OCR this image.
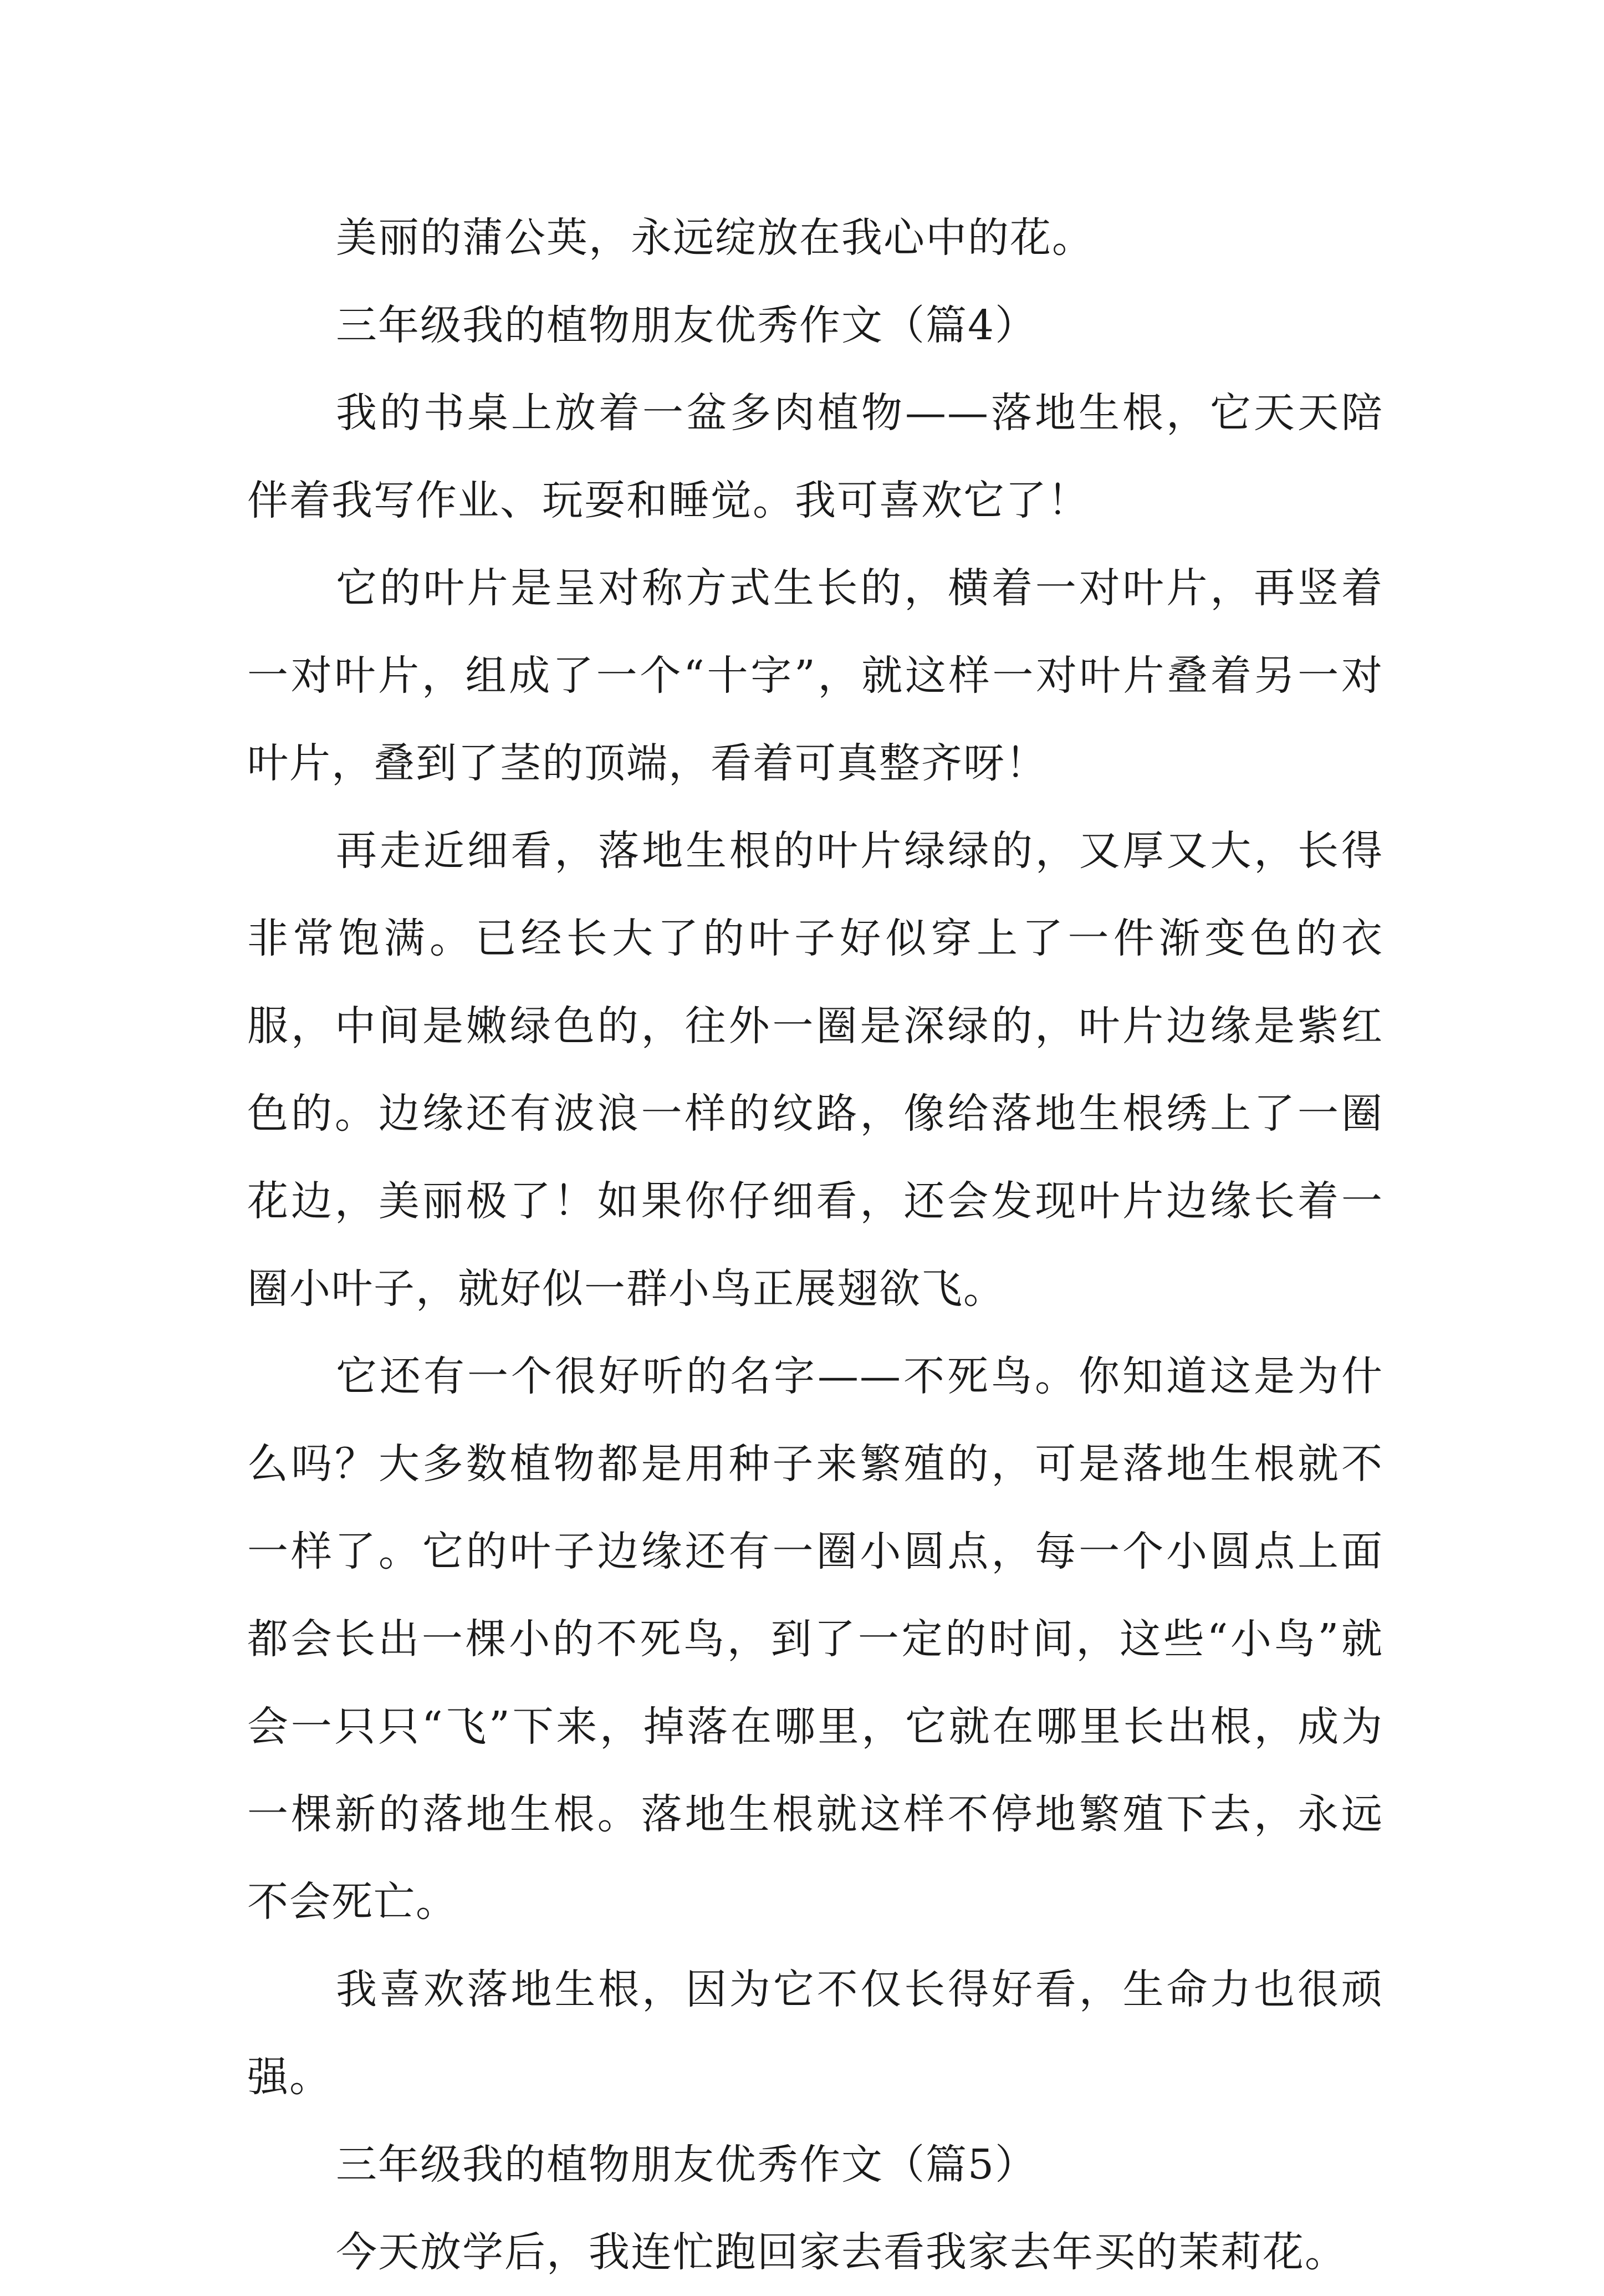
美丽的蒲公英，永远绽放在我心中的花。

三年级我的植物朋友优秀作文（篇4）

我的书桌上放着一盆多肉植物——落地生根，它天天陪伴着我写作业、玩耍和睡觉。我可喜欢它了！

它的叶片是呈对称方式生长的，横着一对叶片，再竖着一对叶片，组成了一个“十字”，就这样一对叶片叠着另一对叶片，叠到了茎的顶端，看着可真整齐呀！

再走近细看，落地生根的叶片绿绿的，又厚又大，长得非常饱满。已经长大了的叶子好似穿上了一件渐变色的衣服，中间是嫩绿色的，往外一圈是深绿的，叶片边缘是紫红色的。边缘还有波浪一样的纹路，像给落地生根绣上了一圈花边，美丽极了！如果你仔细看，还会发现叶片边缘长着一圈小叶子，就好似一群小鸟正展翅欲飞。

它还有一个很好听的名字——不死鸟。你知道这是为什么吗？大多数植物都是用种子来繁殖的，可是落地生根就不一样了。它的叶子边缘还有一圈小圆点，每一个小圆点上面都会长出一棵小的不死鸟，到了一定的时间，这些“小鸟”就会一只只“飞”下来，掉落在哪里，它就在哪里长出根，成为一棵新的落地生根。落地生根就这样不停地繁殖下去，永远不会死亡。

我喜欢落地生根，因为它不仅长得好看，生命力也很顽强。

三年级我的植物朋友优秀作文（篇5）

今天放学后，我连忙跑回家去看我家去年买的茉莉花。
